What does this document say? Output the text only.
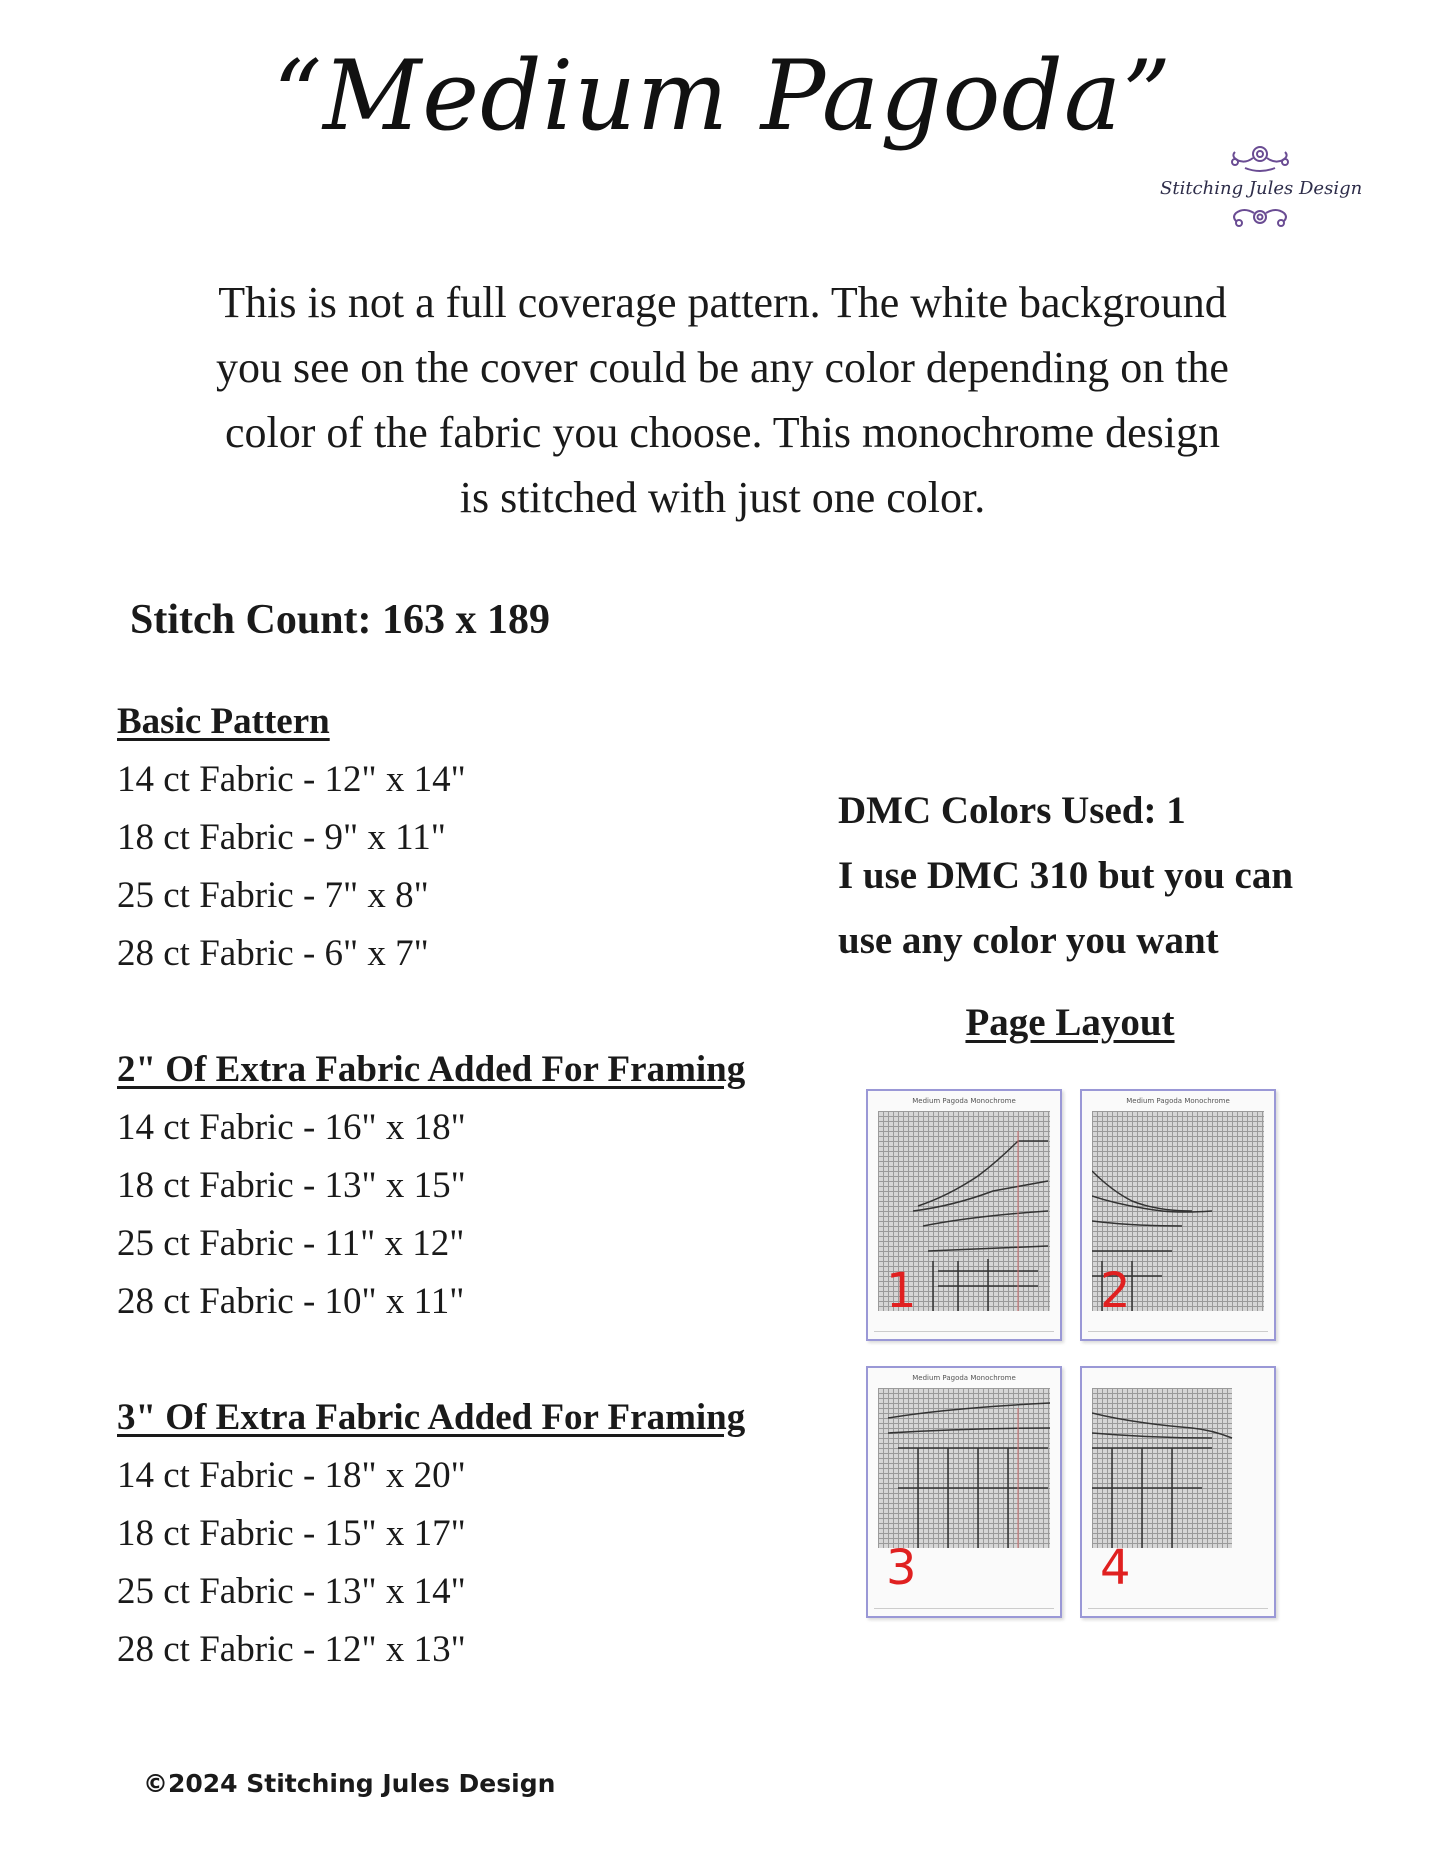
“Medium Pagoda”
Stitching Jules Design
This is not a full coverage pattern. The white background
you see on the cover could be any color depending on the
color of the fabric you choose. This monochrome design
is stitched with just one color.
Stitch Count: 163 x 189
Basic Pattern
14 ct Fabric - 12" x 14"
18 ct Fabric - 9" x 11"
25 ct Fabric - 7" x 8"
28 ct Fabric - 6" x 7"
2" Of Extra Fabric Added For Framing
14 ct Fabric - 16" x 18"
18 ct Fabric - 13" x 15"
25 ct Fabric - 11" x 12"
28 ct Fabric - 10" x 11"
3" Of Extra Fabric Added For Framing
14 ct Fabric - 18" x 20"
18 ct Fabric - 15" x 17"
25 ct Fabric - 13" x 14"
28 ct Fabric - 12" x 13"
DMC Colors Used: 1
I use DMC 310 but you can
use any color you want
Page Layout
Medium Pagoda Monochrome
1
Medium Pagoda Monochrome
2
Medium Pagoda Monochrome
3	4
©2024 Stitching Jules Design
